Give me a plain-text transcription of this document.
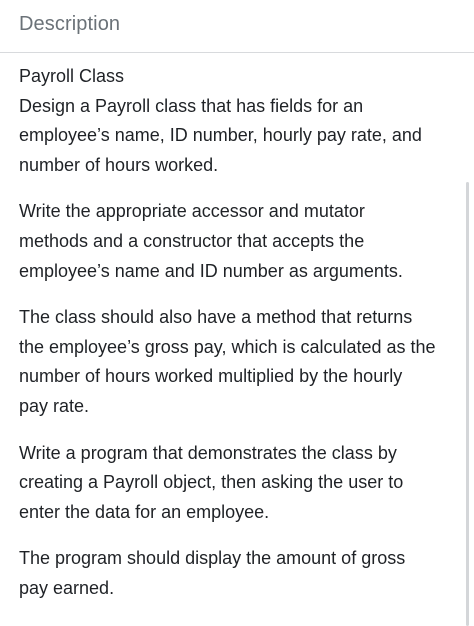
Description

Payroll Class
Design a Payroll class that has fields for an
employee’s name, ID number, hourly pay rate, and
number of hours worked.

Write the appropriate accessor and mutator
methods and a constructor that accepts the
employee’s name and ID number as arguments.

The class should also have a method that returns
the employee’s gross pay, which is calculated as the
number of hours worked multiplied by the hourly
pay rate.

Write a program that demonstrates the class by
creating a Payroll object, then asking the user to
enter the data for an employee.

The program should display the amount of gross
pay earned.
